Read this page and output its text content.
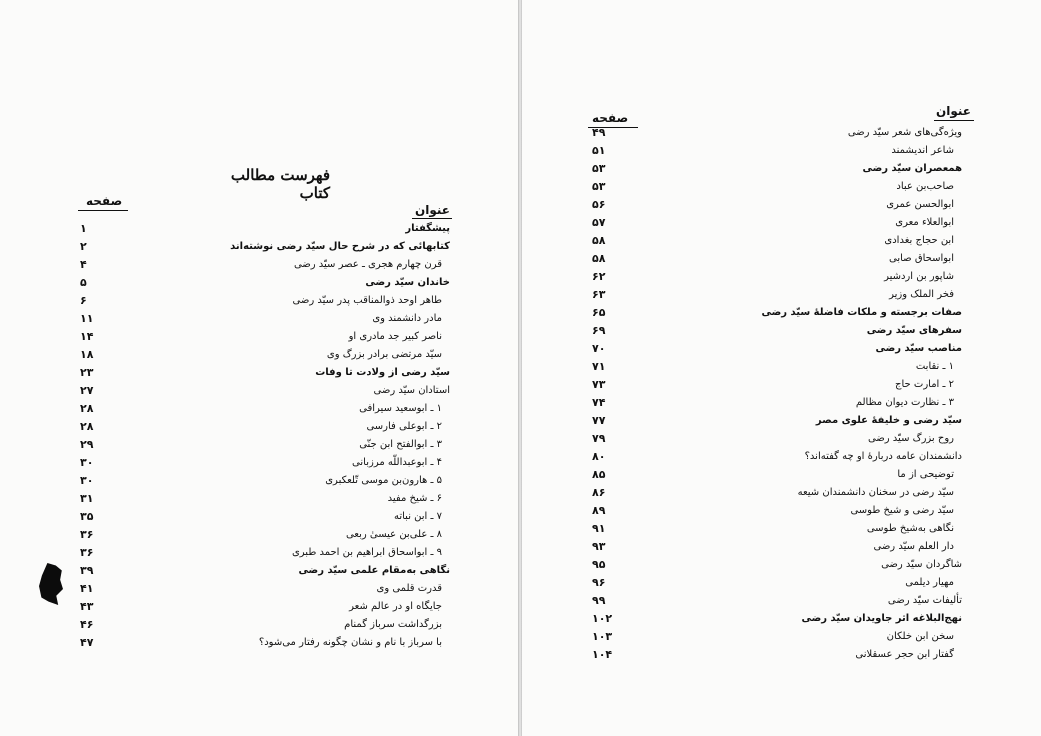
فهرست مطالب کتاب
صفحه
عنوان
۱
۲
۴
۵
۶
۱۱
۱۴
۱۸
۲۳
۲۷
۲۸
۲۸
۲۹
۳۰
۳۰
۳۱
۳۵
۳۶
۳۶
۳۹
۴۱
۴۳
۴۶
۴۷
پیشگفتار
کتابهائی که در شرح حال سیّد رضی نوشته‌اند
قرن چهارم هجری ـ عصر سیّد رضی
خاندان سیّد رضی
طاهر اوحد ذوالمناقب پدر سیّد رضی
مادر دانشمند وی
ناصر کبیر جد مادری او
سیّد مرتضی برادر بزرگ وی
سیّد رضی از ولادت تا وفات
استادان سیّد رضی
۱ ـ ابوسعید سیرافی
۲ ـ ابوعلی فارسی
۳ ـ ابوالفتح ابن جنّی
۴ ـ ابوعبداللّه مرزبانی
۵ ـ هارون‌بن موسی تّلعکبری
۶ ـ شیخ مفید
۷ ـ ابن نباته
۸ ـ علی‌بن عیسیٰ ربعی
۹ ـ ابواسحاق ابراهیم بن احمد طبری
نگاهی به‌مقام علمی سیّد رضی
قدرت قلمی وی
جایگاه او در عالم شعر
بزرگداشت سرباز گمنام
با سرباز با نام و نشان چگونه رفتار می‌شود؟
عنوان
صفحه
۴۹
۵۱
۵۳
۵۳
۵۶
۵۷
۵۸
۵۸
۶۲
۶۳
۶۵
۶۹
۷۰
۷۱
۷۳
۷۴
۷۷
۷۹
۸۰
۸۵
۸۶
۸۹
۹۱
۹۳
۹۵
۹۶
۹۹
۱۰۲
۱۰۳
۱۰۴
ویژه‌گی‌های شعر سیّد رضی
شاعر اندیشمند
همعصران سیّد رضی
صاحب‌بن عباد
ابوالحسن عمری
ابوالعلاء معری
ابن حجاج بغدادی
ابواسحاق صابی
شاپور بن اردشیر
فخر الملک وزیر
صفات برجسته و ملکات فاضلهٔ سیّد رضی
سفرهای سیّد رضی
مناصب سیّد رضی
۱ ـ نقابت
۲ ـ امارت حاج
۳ ـ نظارت دیوان مظالم
سیّد رضی و خلیفهٔ علوی مصر
روح بزرگ سیّد رضی
دانشمندان عامه دربارهٔ او چه گفته‌اند؟
توضیحی از ما
سیّد رضی در سخنان دانشمندان شیعه
سیّد رضی و شیخ طوسی
نگاهی به‌شیخ طوسی
دار العلم سیّد رضی
شاگردان سیّد رضی
مهیار دیلمی
تألیفات سیّد رضی
نهج‌البلاغه اثر جاویدان سیّد رضی
سخن ابن خلکان
گفتار ابن حجر عسقلانی
